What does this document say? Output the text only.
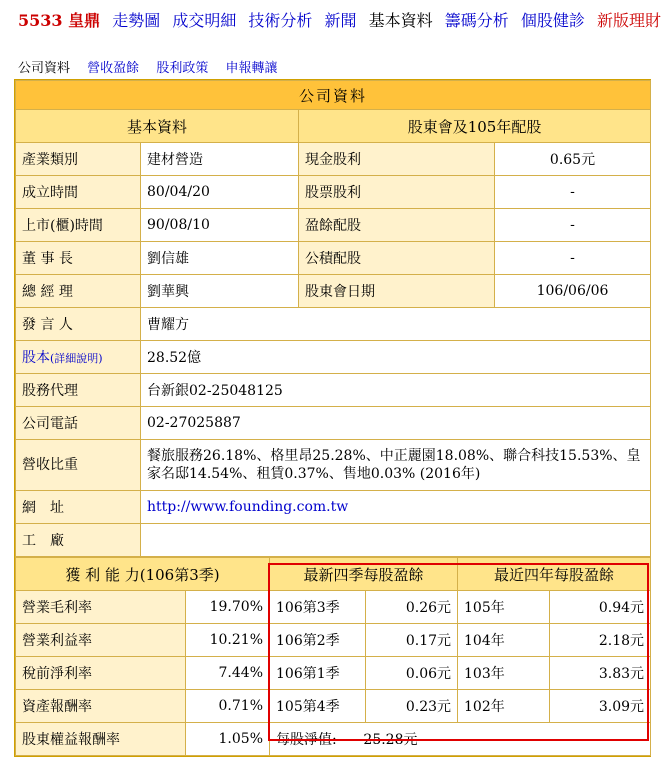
5533 皇鼎 走勢圖 成交明細 技術分析 新聞 基本資料 籌碼分析 個股健診 新版理財
公司資料 營收盈餘 股利政策 申報轉讓
公司資料			
基本資料		股東會及105年配股	
產業類別	建材營造	現金股利	0.65元
成立時間	80/04/20	股票股利	-
上市(櫃)時間	90/08/10	盈餘配股	-
董 事 長	劉信雄	公積配股	-
總 經 理	劉華興	股東會日期	106/06/06
發 言 人	曹耀方		
股本(詳細說明)	28.52億		
股務代理	台新銀02-25048125		
公司電話	02-27025887		
營收比重	餐旅服務26.18%、格里昂25.28%、中正麗園18.08%、聯合科技15.53%、皇家名邸14.54%、租賃0.37%、售地0.03% (2016年)		
網　址	http://www.founding.com.tw		
工　廠			
獲 利 能 力(106第3季)		最新四季每股盈餘		最近四年每股盈餘	
營業毛利率	19.70%	106第3季	0.26元	105年	0.94元
營業利益率	10.21%	106第2季	0.17元	104年	2.18元
稅前淨利率	7.44%	106第1季	0.06元	103年	3.83元
資產報酬率	0.71%	105第4季	0.23元	102年	3.09元
股東權益報酬率	1.05%	每股淨值: 25.28元			
